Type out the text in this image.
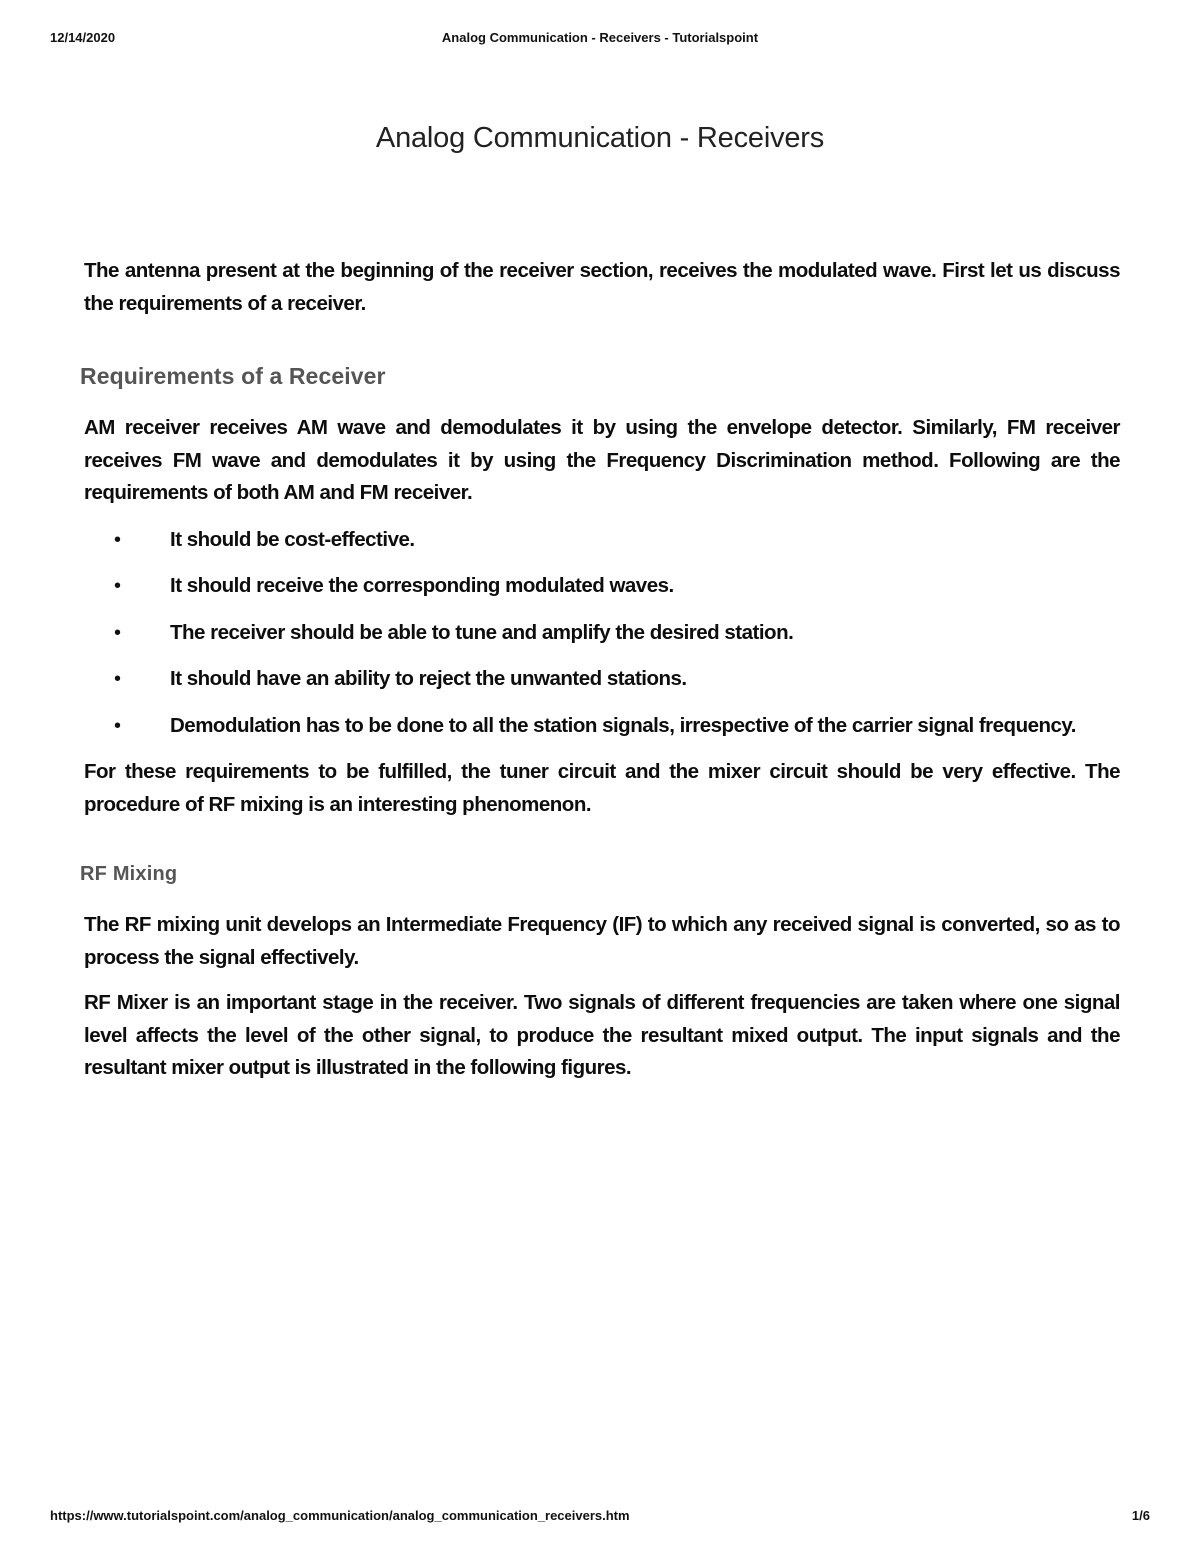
12/14/2020	Analog Communication - Receivers - Tutorialspoint
Analog Communication - Receivers

The antenna present at the beginning of the receiver section, receives the modulated wave. First let us discuss the requirements of a receiver.

Requirements of a Receiver

AM receiver receives AM wave and demodulates it by using the envelope detector. Similarly, FM receiver receives FM wave and demodulates it by using the Frequency Discrimination method. Following are the requirements of both AM and FM receiver.

• It should be cost-effective.
• It should receive the corresponding modulated waves.
• The receiver should be able to tune and amplify the desired station.
• It should have an ability to reject the unwanted stations.
• Demodulation has to be done to all the station signals, irrespective of the carrier signal frequency.

For these requirements to be fulfilled, the tuner circuit and the mixer circuit should be very effective. The procedure of RF mixing is an interesting phenomenon.

RF Mixing

The RF mixing unit develops an Intermediate Frequency (IF) to which any received signal is converted, so as to process the signal effectively.

RF Mixer is an important stage in the receiver. Two signals of different frequencies are taken where one signal level affects the level of the other signal, to produce the resultant mixed output. The input signals and the resultant mixer output is illustrated in the following figures.

https://www.tutorialspoint.com/analog_communication/analog_communication_receivers.htm	1/6
